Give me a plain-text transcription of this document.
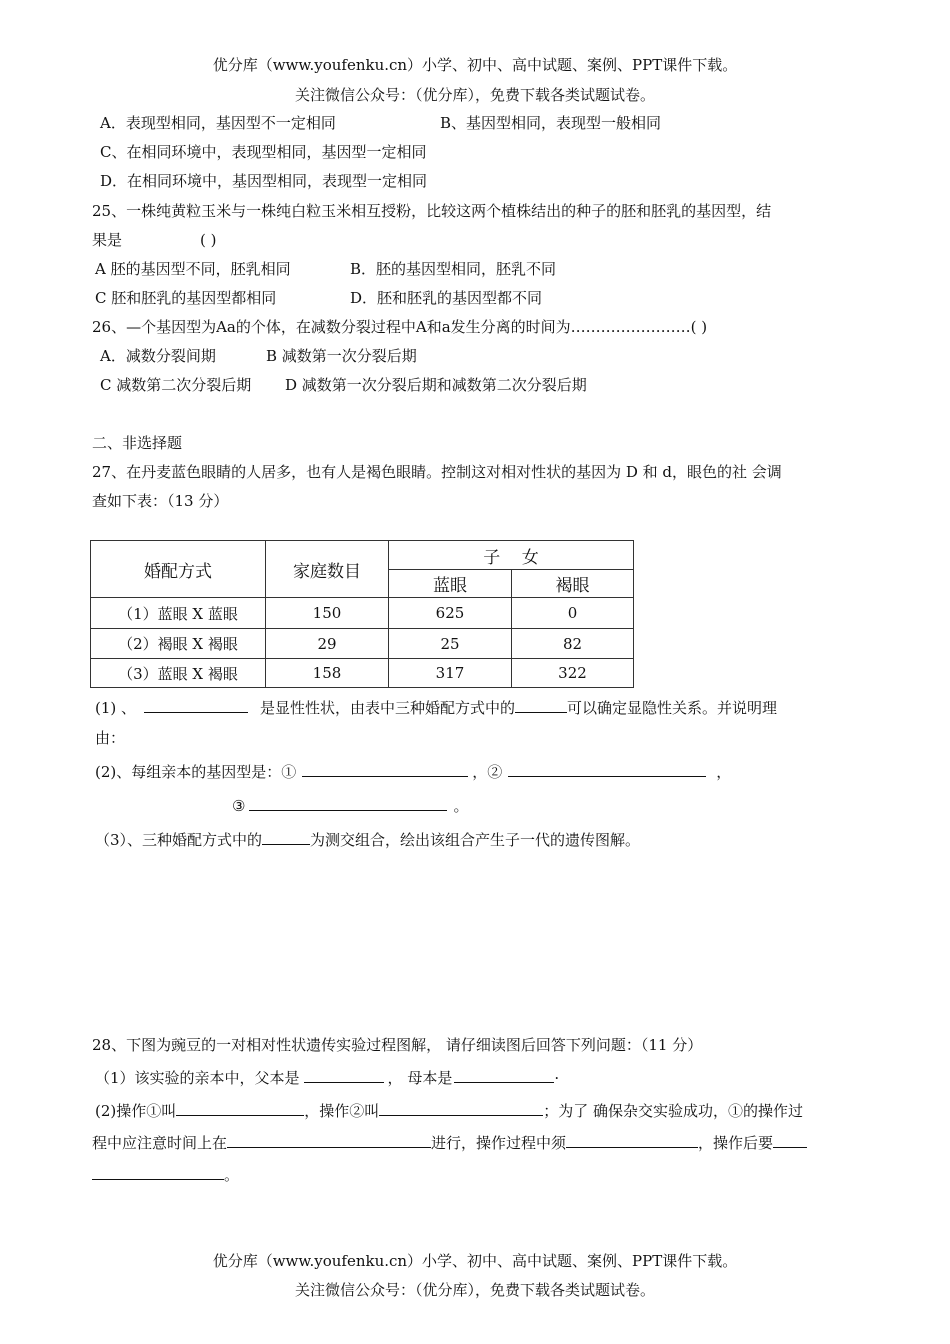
优分库（www.youfenku.cn）小学、初中、高中试题、案例、PPT课件下载。
关注微信公众号：（优分库），免费下载各类试题试卷。
A．表现型相同，基因型不一定相同	B、基因型相同，表现型一般相同
C、在相同环境中，表现型相同，基因型一定相同
D．在相同环境中，基因型相同，表现型一定相同
25、一株纯黄粒玉米与一株纯白粒玉米相互授粉，比较这两个植株结出的种子的胚和胚乳的基因型，结
果是	( )
A 胚的基因型不同，胚乳相同	B．胚的基因型相同，胚乳不同
C 胚和胚乳的基因型都相同	D．胚和胚乳的基因型都不同
26、—个基因型为Aa的个体，在减数分裂过程中A和a发生分离的时间为……………………( )
A．减数分裂间期	B 减数第一次分裂后期
C 减数第二次分裂后期 D 减数第一次分裂后期和减数第二次分裂后期
二、非选择题
27、在丹麦蓝色眼睛的人居多，也有人是褐色眼睛。控制这对相对性状的基因为 D 和 d，眼色的社 会调
查如下表：（13 分）
婚配方式	家庭数目	子    女	
		蓝眼	褐眼
（1）蓝眼 X 蓝眼	150	625	0
（2）褐眼 X 褐眼	29	25	82
（3）蓝眼 X 褐眼	158	317	322
(1) 、	是显性性状，由表中三种婚配方式中的	可以确定显隐性关系。并说明理
由：
(2)、每组亲本的基因型是：①	，②	，
③	。
（3）、三种婚配方式中的	为测交组合，绘出该组合产生子一代的遗传图解。
28、下图为豌豆的一对相对性状遗传实验过程图解， 请仔细读图后回答下列问题：（11 分）
（1）该实验的亲本中，父本是	， 母本是	·
(2)操作①叫	，操作②叫	；为了 确保杂交实验成功，①的操作过
程中应注意时间上在	进行，操作过程中须	，操作后要
。
优分库（www.youfenku.cn）小学、初中、高中试题、案例、PPT课件下载。
关注微信公众号：（优分库），免费下载各类试题试卷。
